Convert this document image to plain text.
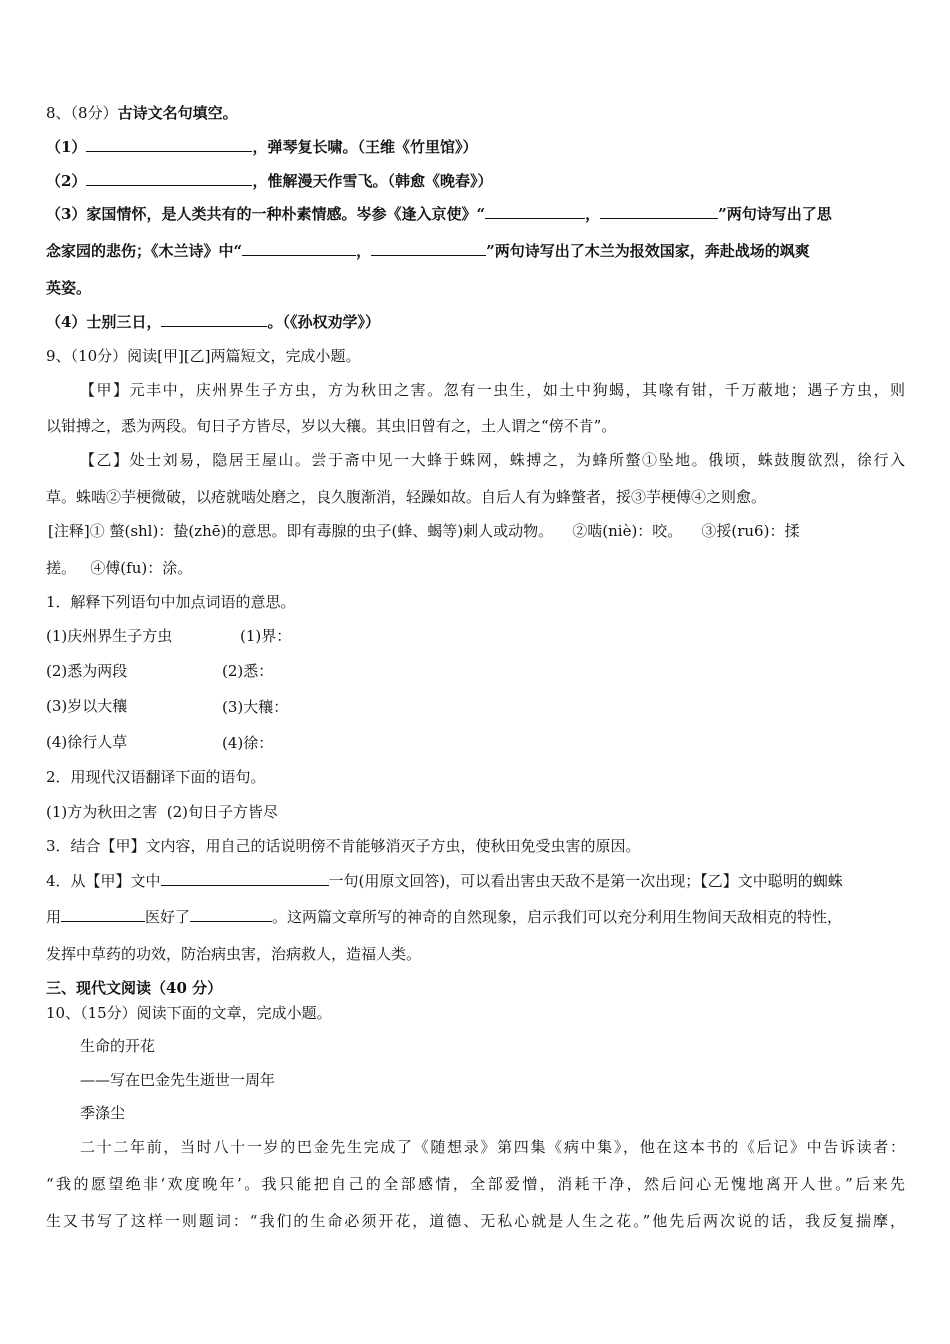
8、（8分）古诗文名句填空。
（1）	，弹琴复长啸。（王维《竹里馆》）
（2）	，惟解漫天作雪飞。（韩愈《晚春》）
（3）家国情怀，是人类共有的一种朴素情感。岑参《逢入京使》“	，	”两句诗写出了思
念家园的悲伤；《木兰诗》中“	，	”两句诗写出了木兰为报效国家，奔赴战场的飒爽
英姿。
（4）士别三日，	。（《孙权劝学》）
9、（10分）阅读[甲][乙]两篇短文，完成小题。
【甲】元丰中，庆州界生子方虫，方为秋田之害。忽有一虫生，如土中狗蝎，其喙有钳，千万蔽地；遇子方虫，则
以钳搏之，悉为两段。旬日子方皆尽，岁以大穰。其虫旧曾有之，土人谓之“傍不肯”。
【乙】处士刘易，隐居王屋山。尝于斋中见一大蜂于蛛网，蛛搏之，为蜂所螫①坠地。俄顷，蛛鼓腹欲烈，徐行入
草。蛛啮②芋梗微破，以疮就啮处磨之，良久腹渐消，轻躁如故。自后人有为蜂螫者，挼③芋梗傅④之则愈。
[注释]① 螫(shl)：蛰(zhē)的意思。即有毒腺的虫子(蜂、蝎等)刺人或动物。    ②啮(niè)：咬。    ③挼(ru6)：揉
搓。   ④傅(fu)：涂。
1．解释下列语句中加点词语的意思。
(1)庆州界生子方虫	(1)界：
(2)悉为两段	(2)悉：
(3)岁以大穰	(3)大穰：
(4)徐行人草	(4)徐：
2．用现代汉语翻译下面的语句。
(1)方为秋田之害  (2)旬日子方皆尽
3．结合【甲】文内容，用自己的话说明傍不肯能够消灭子方虫，使秋田免受虫害的原因。
4．从【甲】文中	一句(用原文回答)，可以看出害虫天敌不是第一次出现；【乙】文中聪明的蜘蛛
用	医好了	。这两篇文章所写的神奇的自然现象，启示我们可以充分利用生物间天敌相克的特性，
发挥中草药的功效，防治病虫害，治病救人，造福人类。
三、现代文阅读（40 分）
10、（15分）阅读下面的文章，完成小题。
生命的开花
——写在巴金先生逝世一周年
季涤尘
二十二年前，当时八十一岁的巴金先生完成了《随想录》第四集《病中集》，他在这本书的《后记》中告诉读者：
“我的愿望绝非‘欢度晚年’。我只能把自己的全部感情，全部爱憎，消耗干净，然后问心无愧地离开人世。”后来先
生又书写了这样一则题词：“我们的生命必须开花，道德、无私心就是人生之花。”他先后两次说的话，我反复揣摩，
